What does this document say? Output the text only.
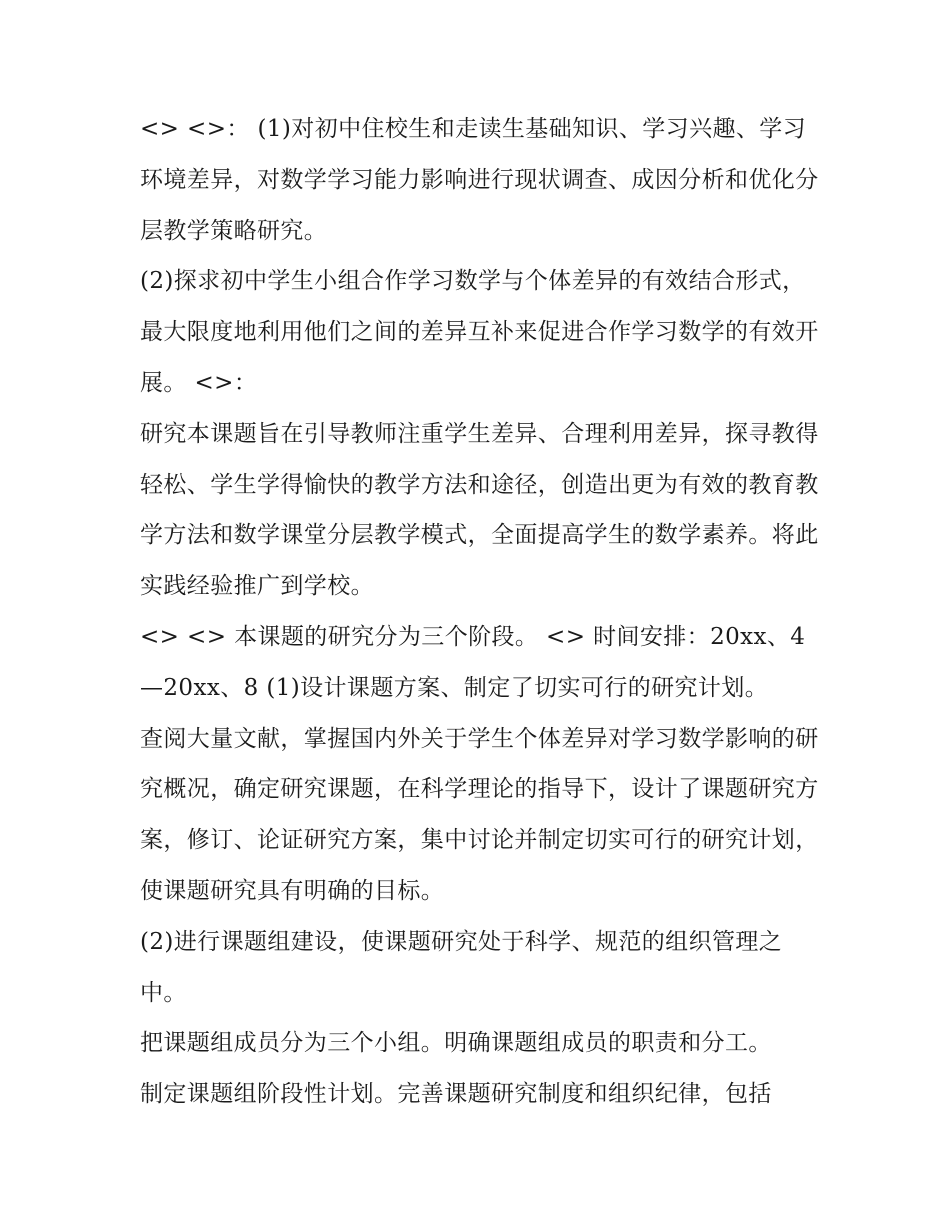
<> <>： (1)对初中住校生和走读生基础知识、学习兴趣、学习环境差异，对数学学习能力影响进行现状调查、成因分析和优化分层教学策略研究。

(2)探求初中学生小组合作学习数学与个体差异的有效结合形式，最大限度地利用他们之间的差异互补来促进合作学习数学的有效开展。 <>：

研究本课题旨在引导教师注重学生差异、合理利用差异，探寻教得轻松、学生学得愉快的教学方法和途径，创造出更为有效的教育教学方法和数学课堂分层教学模式，全面提高学生的数学素养。将此实践经验推广到学校。

<> <> 本课题的研究分为三个阶段。 <> 时间安排：20xx、4—20xx、8 (1)设计课题方案、制定了切实可行的研究计划。

查阅大量文献，掌握国内外关于学生个体差异对学习数学影响的研究概况，确定研究课题，在科学理论的指导下，设计了课题研究方案，修订、论证研究方案，集中讨论并制定切实可行的研究计划，使课题研究具有明确的目标。

(2)进行课题组建设，使课题研究处于科学、规范的组织管理之中。

把课题组成员分为三个小组。明确课题组成员的职责和分工。

制定课题组阶段性计划。完善课题研究制度和组织纪律，包括
